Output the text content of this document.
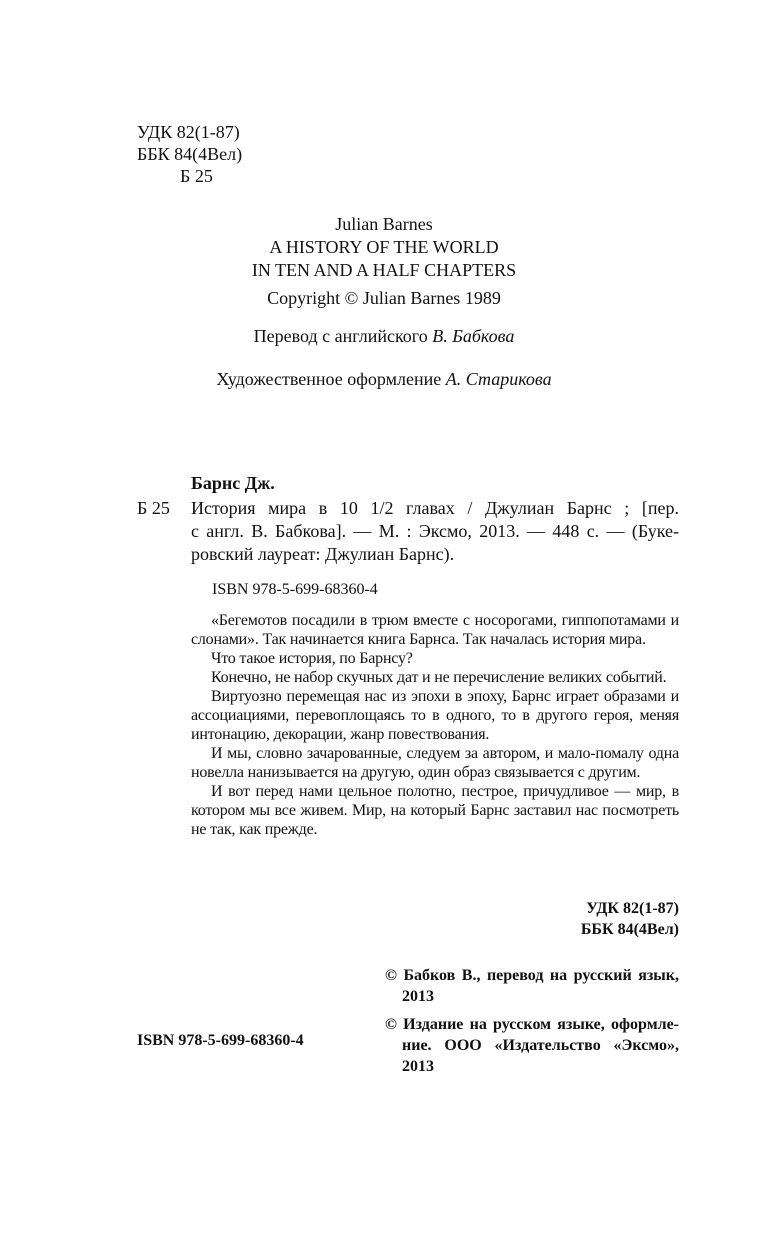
УДК 82(1-87)
ББК 84(4Вел)
Б 25
Julian Barnes
A HISTORY OF THE WORLD
IN TEN AND A HALF CHAPTERS
Copyright © Julian Barnes 1989
Перевод с английского В. Бабкова
Художественное оформление А. Старикова
Барнс Дж.
Б 25 История мира в 10 1/2 главах / Джулиан Барнс ; [пер.
с англ. В. Бабкова]. — М. : Эксмо, 2013. — 448 с. — (Буке-
ровский лауреат: Джулиан Барнс).
ISBN 978-5-699-68360-4
«Бегемотов посадили в трюм вместе с носорогами, гиппопотамами и слонами». Так начинается книга Барнса. Так началась история мира.
Что такое история, по Барнсу?
Конечно, не набор скучных дат и не перечисление великих событий.
Виртуозно перемещая нас из эпохи в эпоху, Барнс играет образами и ассоциациями, перевоплощаясь то в одного, то в другого героя, меняя интонацию, декорации, жанр повествования.
И мы, словно зачарованные, следуем за автором, и мало-помалу одна новелла нанизывается на другую, один образ связывается с другим.
И вот перед нами цельное полотно, пестрое, причудливое — мир, в котором мы все живем. Мир, на который Барнс заставил нас посмотреть не так, как прежде.
УДК 82(1-87)
ББК 84(4Вел)
© Бабков В., перевод на русский язык,
2013
© Издание на русском языке, оформле-
ние. ООО «Издательство «Эксмо»,
2013
ISBN 978-5-699-68360-4
